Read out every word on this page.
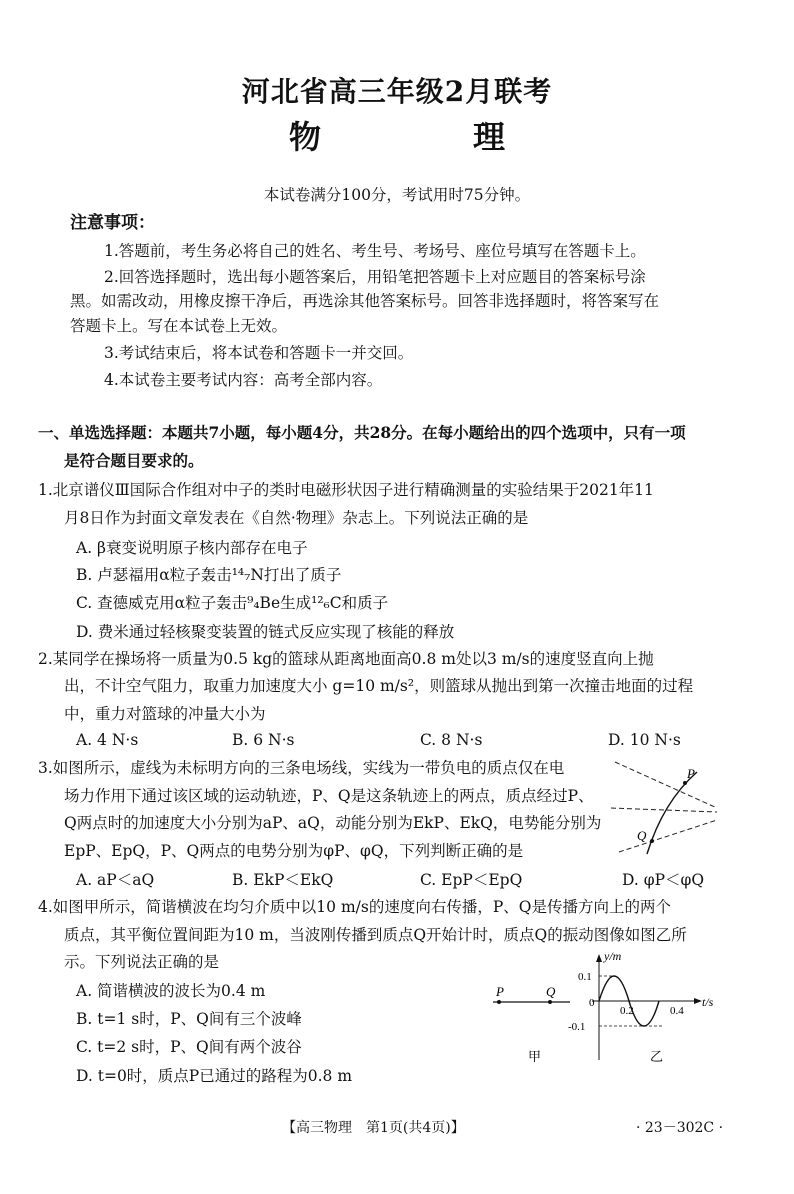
河北省高三年级2月联考
物　理
本试卷满分100分，考试用时75分钟。
注意事项：
1.答题前，考生务必将自己的姓名、考生号、考场号、座位号填写在答题卡上。
2.回答选择题时，选出每小题答案后，用铅笔把答题卡上对应题目的答案标号涂
黑。如需改动，用橡皮擦干净后，再选涂其他答案标号。回答非选择题时，将答案写在
答题卡上。写在本试卷上无效。
3.考试结束后，将本试卷和答题卡一并交回。
4.本试卷主要考试内容：高考全部内容。
一、单选选择题：本题共7小题，每小题4分，共28分。在每小题给出的四个选项中，只有一项
是符合题目要求的。
1.北京谱仪Ⅲ国际合作组对中子的类时电磁形状因子进行精确测量的实验结果于2021年11
月8日作为封面文章发表在《自然·物理》杂志上。下列说法正确的是
A. β衰变说明原子核内部存在电子
B. 卢瑟福用α粒子轰击¹⁴₇N打出了质子
C. 查德威克用α粒子轰击⁹₄Be生成¹²₆C和质子
D. 费米通过轻核聚变装置的链式反应实现了核能的释放
2.某同学在操场将一质量为0.5 kg的篮球从距离地面高0.8 m处以3 m/s的速度竖直向上抛
出，不计空气阻力，取重力加速度大小 g=10 m/s²，则篮球从抛出到第一次撞击地面的过程
中，重力对篮球的冲量大小为
A. 4 N·s	B. 6 N·s	C. 8 N·s	D. 10 N·s
3.如图所示，虚线为未标明方向的三条电场线，实线为一带负电的质点仅在电
场力作用下通过该区域的运动轨迹，P、Q是这条轨迹上的两点，质点经过P、
Q两点时的加速度大小分别为aP、aQ，动能分别为EkP、EkQ，电势能分别为
EpP、EpQ，P、Q两点的电势分别为φP、φQ，下列判断正确的是
A. aP＜aQ	B. EkP＜EkQ	C. EpP＜EpQ	D. φP＜φQ
P
Q
4.如图甲所示，简谐横波在均匀介质中以10 m/s的速度向右传播，P、Q是传播方向上的两个
质点，其平衡位置间距为10 m，当波刚传播到质点Q开始计时，质点Q的振动图像如图乙所
示。下列说法正确的是
A. 简谐横波的波长为0.4 m
B. t=1 s时，P、Q间有三个波峰
C. t=2 s时，P、Q间有两个波谷
D. t=0时，质点P已通过的路程为0.8 m
P	Q
甲
y/m
t/s
0.1
-0.1
0
0.2	0.4
乙
【高三物理　第1页(共4页)】	· 23－302C ·
